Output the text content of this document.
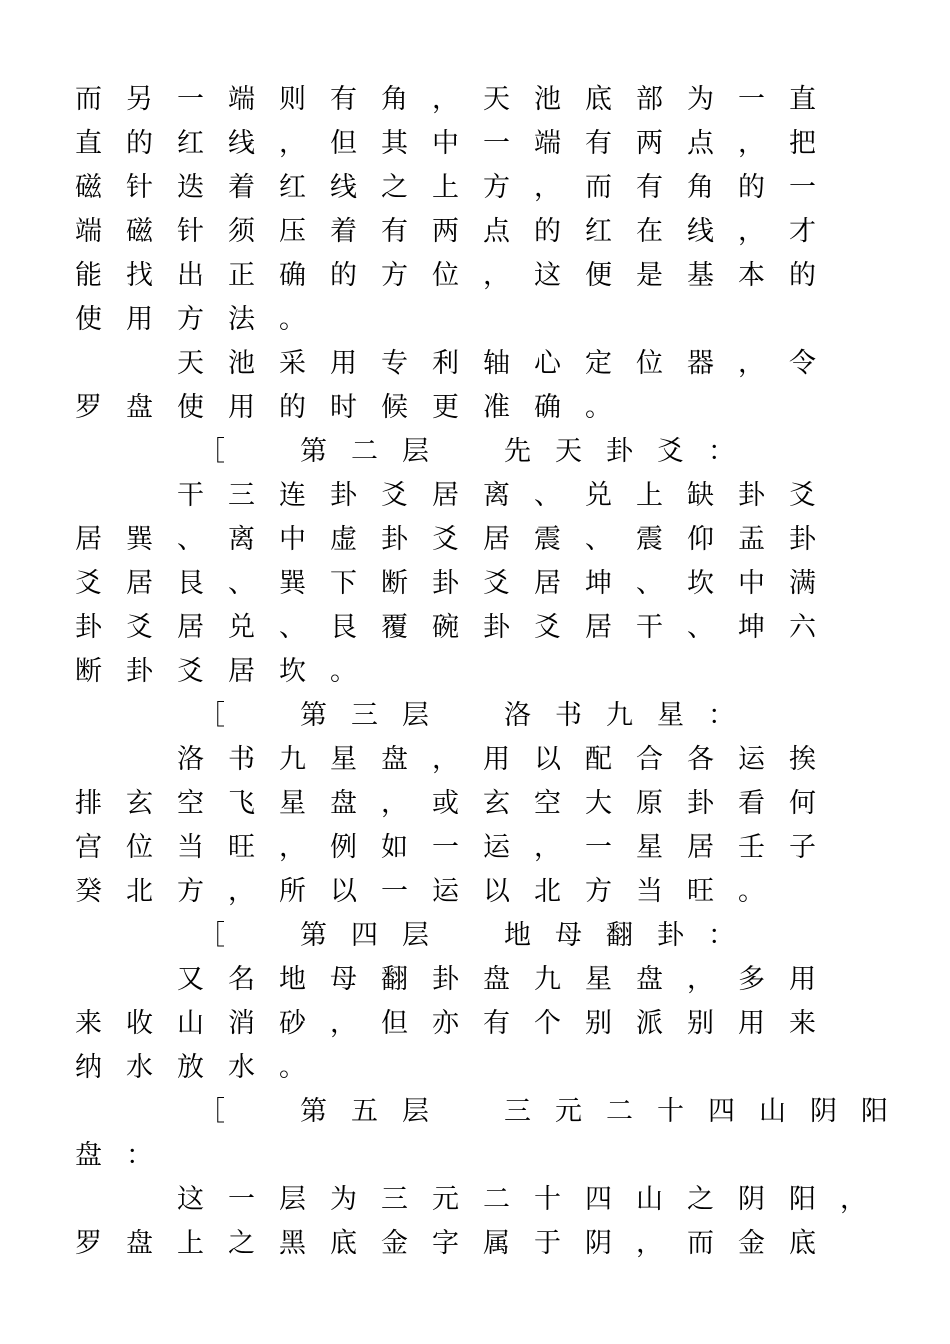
而另一端则有角，天池底部为一直

直的红线，但其中一端有两点，把

磁针迭着红线之上方，而有角的一

端磁针须压着有两点的红在线，才

能找出正确的方位，这便是基本的

使用方法。

天池采用专利轴心定位器，令

罗盘使用的时候更准确。

［　第二层　先天卦爻：

干三连卦爻居离、兑上缺卦爻

居巽、离中虚卦爻居震、震仰盂卦

爻居艮、巽下断卦爻居坤、坎中满

卦爻居兑、艮覆碗卦爻居干、坤六

断卦爻居坎。

［　第三层　洛书九星：

洛书九星盘，用以配合各运挨

排玄空飞星盘，或玄空大原卦看何

宫位当旺，例如一运，一星居壬子

癸北方，所以一运以北方当旺。

［　第四层　地母翻卦：

又名地母翻卦盘九星盘，多用

来收山消砂，但亦有个别派别用来

纳水放水。

［　第五层　三元二十四山阴阳

盘：

这一层为三元二十四山之阴阳，

罗盘上之黑底金字属于阴，而金底
